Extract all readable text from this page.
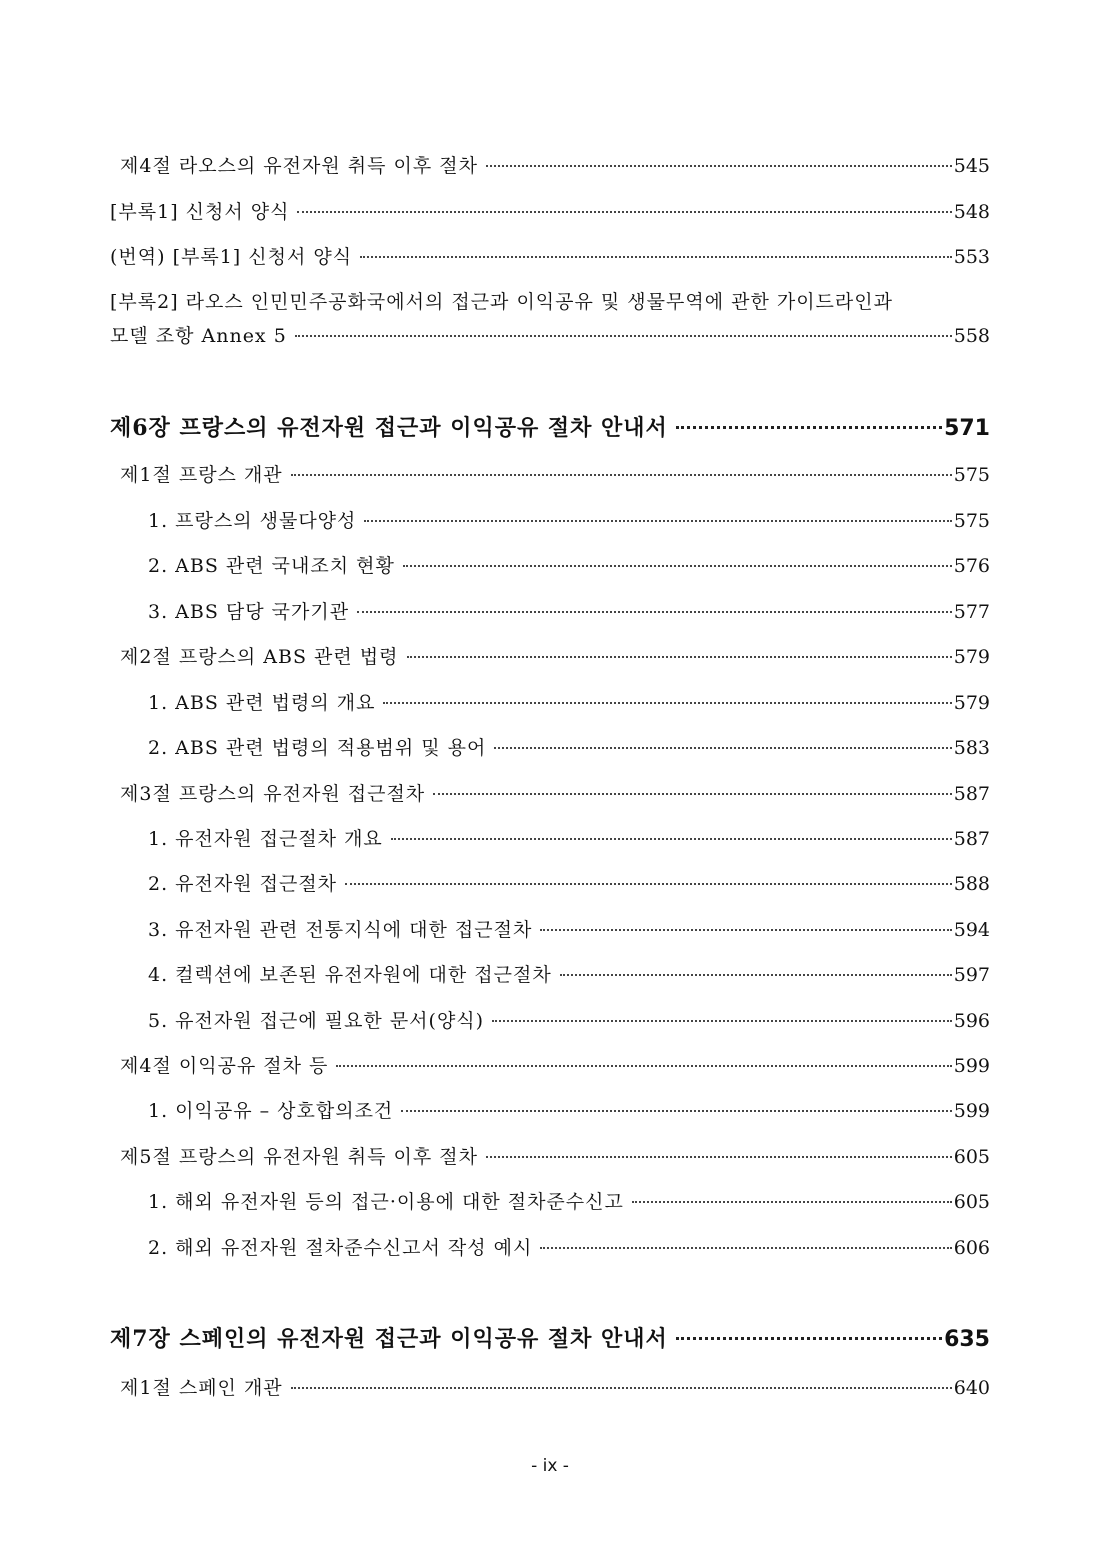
제4절 라오스의 유전자원 취득 이후 절차	545
[부록1] 신청서 양식	548
(번역) [부록1] 신청서 양식	553
[부록2] 라오스 인민민주공화국에서의 접근과 이익공유 및 생물무역에 관한 가이드라인과
모델 조항 Annex 5	558
제6장 프랑스의 유전자원 접근과 이익공유 절차 안내서	571
제1절 프랑스 개관	575
1. 프랑스의 생물다양성	575
2. ABS 관련 국내조치 현황	576
3. ABS 담당 국가기관	577
제2절 프랑스의 ABS 관련 법령	579
1. ABS 관련 법령의 개요	579
2. ABS 관련 법령의 적용범위 및 용어	583
제3절 프랑스의 유전자원 접근절차	587
1. 유전자원 접근절차 개요	587
2. 유전자원 접근절차	588
3. 유전자원 관련 전통지식에 대한 접근절차	594
4. 컬렉션에 보존된 유전자원에 대한 접근절차	597
5. 유전자원 접근에 필요한 문서(양식)	596
제4절 이익공유 절차 등	599
1. 이익공유 – 상호합의조건	599
제5절 프랑스의 유전자원 취득 이후 절차	605
1. 해외 유전자원 등의 접근·이용에 대한 절차준수신고	605
2. 해외 유전자원 절차준수신고서 작성 예시	606
제7장 스페인의 유전자원 접근과 이익공유 절차 안내서	635
제1절 스페인 개관	640
- ix -
